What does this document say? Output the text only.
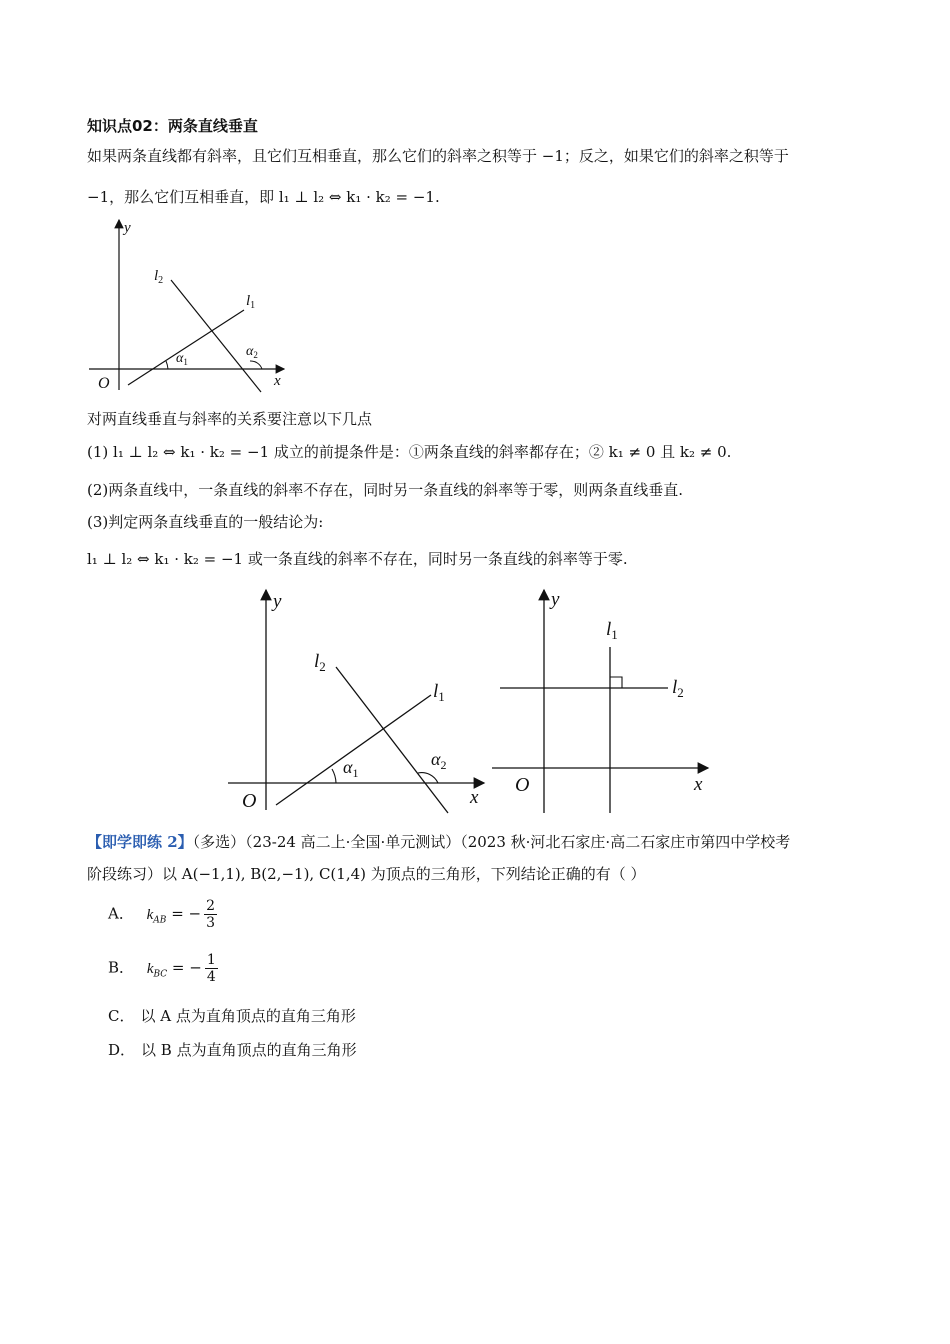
知识点02：两条直线垂直
如果两条直线都有斜率，且它们互相垂直，那么它们的斜率之积等于 −1；反之，如果它们的斜率之积等于
−1，那么它们互相垂直，即 l₁ ⊥ l₂ ⇔ k₁ · k₂ = −1.
y
x
O
$l_1$
$l_2$
$\alpha_1$
$\alpha_2$
对两直线垂直与斜率的关系要注意以下几点
(1) l₁ ⊥ l₂ ⇔ k₁ · k₂ = −1 成立的前提条件是：①两条直线的斜率都存在；② k₁ ≠ 0 且 k₂ ≠ 0.
(2)两条直线中，一条直线的斜率不存在，同时另一条直线的斜率等于零，则两条直线垂直.
(3)判定两条直线垂直的一般结论为:
l₁ ⊥ l₂ ⇔ k₁ · k₂ = −1 或一条直线的斜率不存在，同时另一条直线的斜率等于零.
y
x
O
$l_1$
$l_2$
$\alpha_1$
$\alpha_2$
y
x
O
$l_1$
$l_2$
【即学即练 2】（多选）（23-24 高二上·全国·单元测试）（2023 秋·河北石家庄·高二石家庄市第四中学校考
阶段练习）以 A(−1,1), B(2,−1), C(1,4) 为顶点的三角形，下列结论正确的有（ ）
A． $k_{AB}$ = − $\frac{2}{3}$
B． $k_{BC}$ = − $\frac{1}{4}$
C． 以 A 点为直角顶点的直角三角形
D． 以 B 点为直角顶点的直角三角形
